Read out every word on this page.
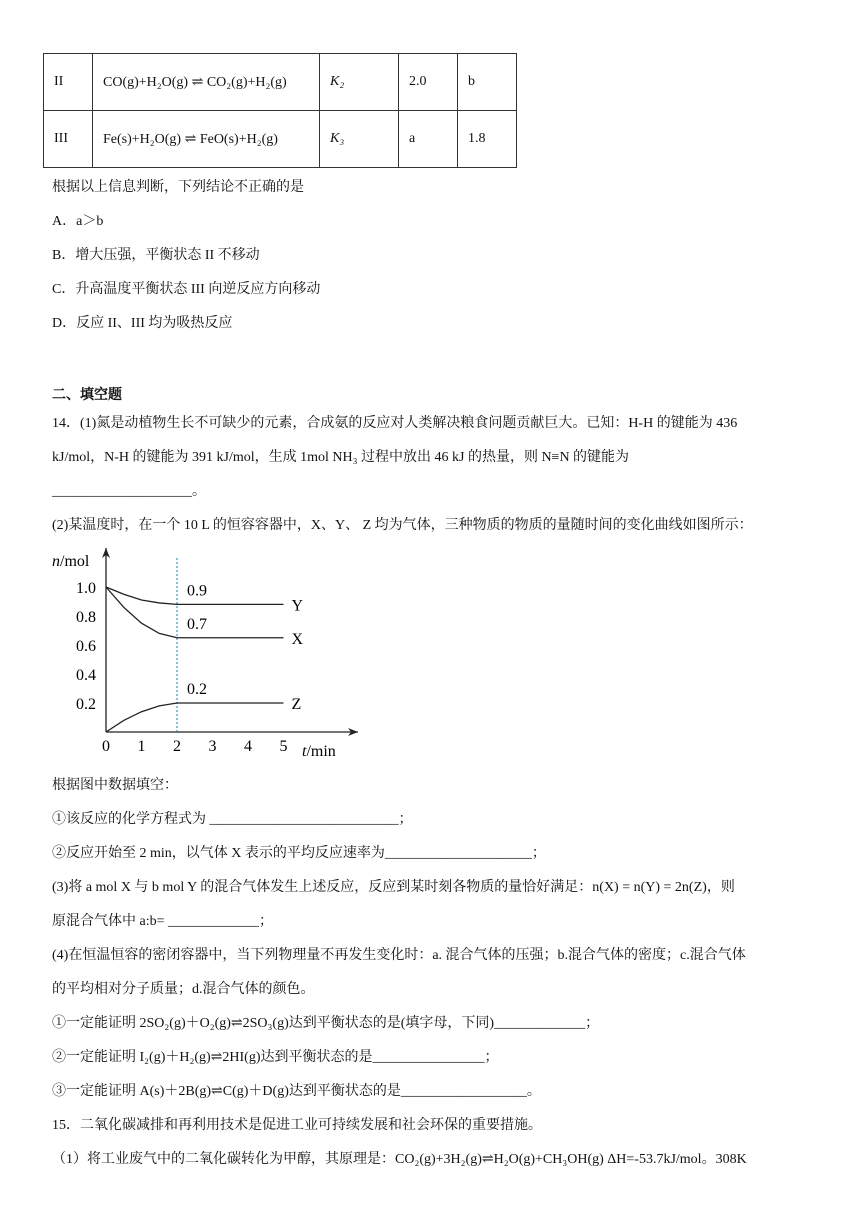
II	CO(g)+H₂O(g) ⇌ CO₂(g)+H₂(g)	K₂	2.0	b
III	Fe(s)+H₂O(g) ⇌ FeO(s)+H₂(g)	K₃	a	1.8
根据以上信息判断，下列结论不正确的是
A．a＞b
B．增大压强，平衡状态 II 不移动
C．升高温度平衡状态 III 向逆反应方向移动
D．反应 II、III 均为吸热反应
二、填空题
14．(1)氮是动植物生长不可缺少的元素，合成氨的反应对人类解决粮食问题贡献巨大。已知：H-H 的键能为 436
kJ/mol，N-H 的键能为 391 kJ/mol，生成 1mol NH₃ 过程中放出 46 kJ 的热量，则 N≡N 的键能为
____________________。
(2)某温度时，在一个 10 L 的恒容容器中，X、Y、 Z 均为气体，三种物质的物质的量随时间的变化曲线如图所示：
n/mol
t/min
0.2
0.4
0.6
0.8
1.0
0 1 2 3 4 5
Y
0.9
X
0.7
Z
0.2
根据图中数据填空：
①该反应的化学方程式为 ___________________________；
②反应开始至 2 min，以气体 X 表示的平均反应速率为_____________________；
(3)将 a mol X 与 b mol Y 的混合气体发生上述反应，反应到某时刻各物质的量恰好满足：n(X) = n(Y) = 2n(Z)，则
原混合气体中 a:b= _____________；
(4)在恒温恒容的密闭容器中，当下列物理量不再发生变化时：a. 混合气体的压强；b.混合气体的密度；c.混合气体
的平均相对分子质量；d.混合气体的颜色。
①一定能证明 2SO₂(g)＋O₂(g)⇌2SO₃(g)达到平衡状态的是(填字母，下同)_____________；
②一定能证明 I₂(g)＋H₂(g)⇌2HI(g)达到平衡状态的是________________；
③一定能证明 A(s)＋2B(g)⇌C(g)＋D(g)达到平衡状态的是__________________。
15．二氧化碳减排和再利用技术是促进工业可持续发展和社会环保的重要措施。
（1）将工业废气中的二氧化碳转化为甲醇，其原理是：CO₂(g)+3H₂(g)⇌H₂O(g)+CH₃OH(g) ΔH=-53.7kJ/mol。308K
